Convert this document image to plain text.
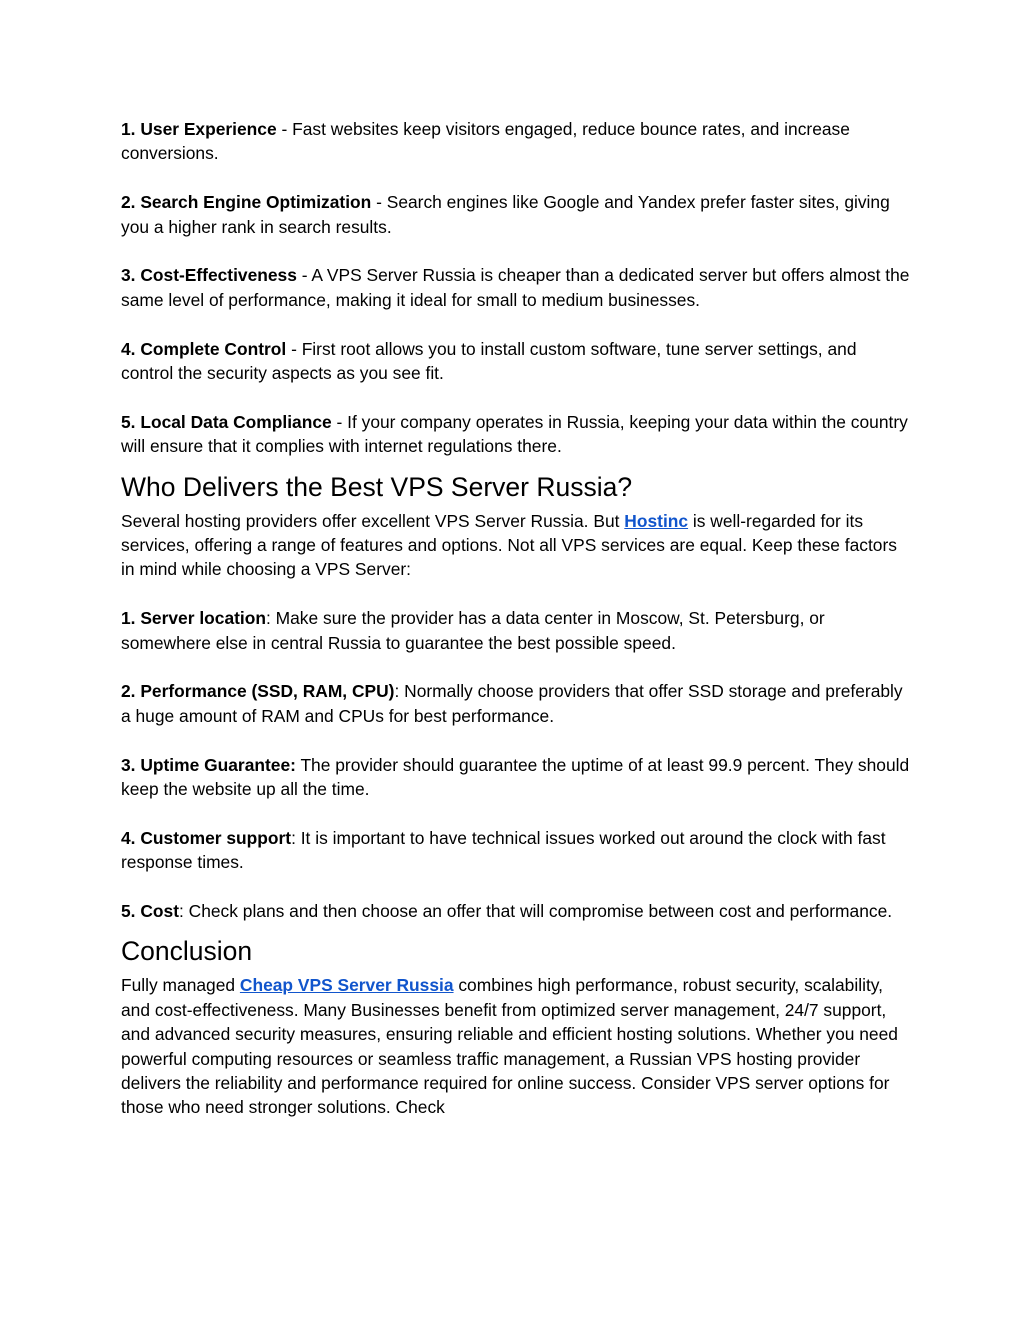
1. User Experience - Fast websites keep visitors engaged, reduce bounce rates, and increase conversions.

2. Search Engine Optimization - Search engines like Google and Yandex prefer faster sites, giving you a higher rank in search results.

3. Cost-Effectiveness - A VPS Server Russia is cheaper than a dedicated server but offers almost the same level of performance, making it ideal for small to medium businesses.

4. Complete Control - First root allows you to install custom software, tune server settings, and control the security aspects as you see fit.

5. Local Data Compliance - If your company operates in Russia, keeping your data within the country will ensure that it complies with internet regulations there.

Who Delivers the Best VPS Server Russia?

Several hosting providers offer excellent VPS Server Russia. But Hostinc is well-regarded for its services, offering a range of features and options. Not all VPS services are equal. Keep these factors in mind while choosing a VPS Server:

1. Server location: Make sure the provider has a data center in Moscow, St. Petersburg, or somewhere else in central Russia to guarantee the best possible speed.

2. Performance (SSD, RAM, CPU): Normally choose providers that offer SSD storage and preferably a huge amount of RAM and CPUs for best performance.

3. Uptime Guarantee: The provider should guarantee the uptime of at least 99.9 percent. They should keep the website up all the time.

4. Customer support: It is important to have technical issues worked out around the clock with fast response times.

5. Cost: Check plans and then choose an offer that will compromise between cost and performance.

Conclusion

Fully managed Cheap VPS Server Russia combines high performance, robust security, scalability, and cost-effectiveness. Many Businesses benefit from optimized server management, 24/7 support, and advanced security measures, ensuring reliable and efficient hosting solutions. Whether you need powerful computing resources or seamless traffic management, a Russian VPS hosting provider delivers the reliability and performance required for online success. Consider VPS server options for those who need stronger solutions. Check
